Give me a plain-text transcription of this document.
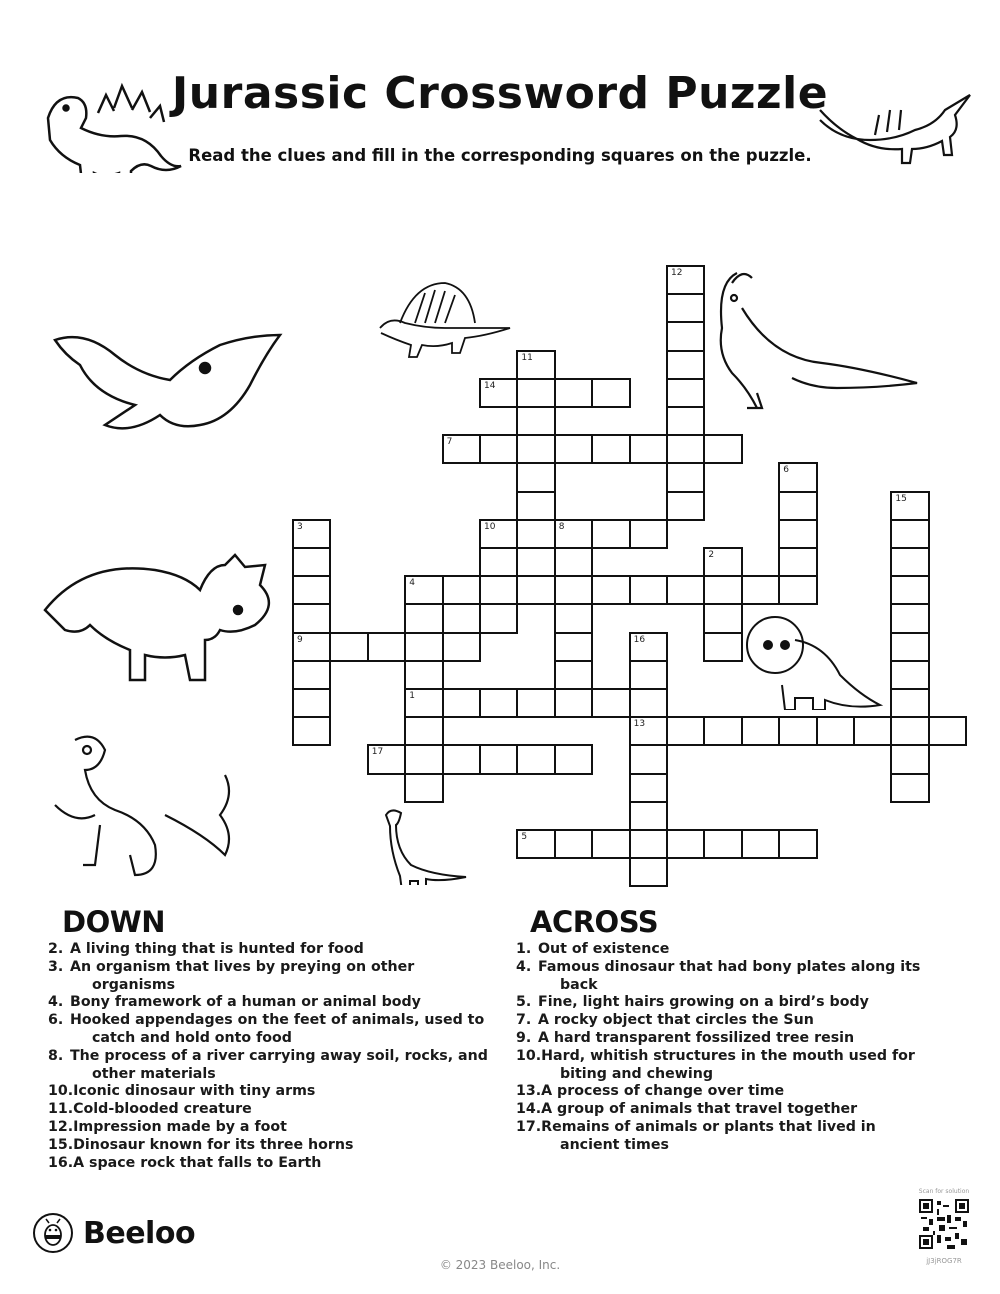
Jurassic Crossword Puzzle
Read the clues and fill in the corresponding squares on the puzzle.
12
11
14
7
6
15
3
9
10	8
2
4
1
16
13
17
5
DOWN
2.A living thing that is hunted for food
3.An organism that lives by preying on other organisms
4.Bony framework of a human or animal body
6.Hooked appendages on the feet of animals, used to catch and hold onto food
8.The process of a river carrying away soil, rocks, and other materials
10.Iconic dinosaur with tiny arms
11.Cold-blooded creature
12.Impression made by a foot
15.Dinosaur known for its three horns
16.A space rock that falls to Earth
ACROSS
1.Out of existence
4.Famous dinosaur that had bony plates along its back
5.Fine, light hairs growing on a bird’s body
7.A rocky object that circles the Sun
9.A hard transparent fossilized tree resin
10.Hard, whitish structures in the mouth used for biting and chewing
13.A process of change over time
14.A group of animals that travel together
17.Remains of animals or plants that lived in ancient times
Beeloo
© 2023 Beeloo, Inc.
Scan for solution
jJ3jROG7R
